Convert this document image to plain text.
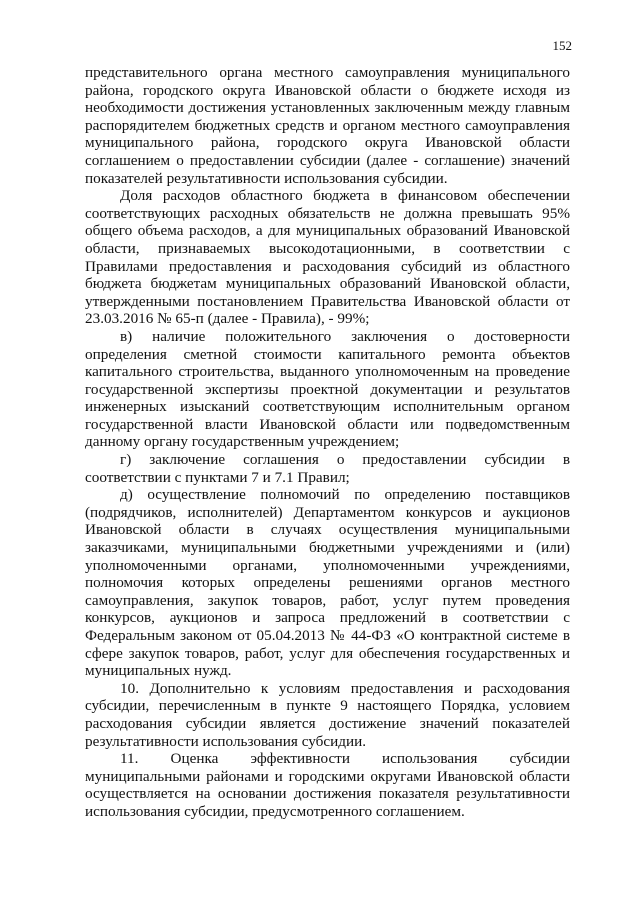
152

представительного органа местного самоуправления муниципального района, городского округа Ивановской области о бюджете исходя из необходимости достижения установленных заключенным между главным распорядителем бюджетных средств и органом местного самоуправления муниципального района, городского округа Ивановской области соглашением о предоставлении субсидии (далее - соглашение) значений показателей результативности использования субсидии.

Доля расходов областного бюджета в финансовом обеспечении соответствующих расходных обязательств не должна превышать 95% общего объема расходов, а для муниципальных образований Ивановской области, признаваемых высокодотационными, в соответствии с Правилами предоставления и расходования субсидий из областного бюджета бюджетам муниципальных образований Ивановской области, утвержденными постановлением Правительства Ивановской области от 23.03.2016 № 65-п (далее - Правила), - 99%;

в) наличие положительного заключения о достоверности определения сметной стоимости капитального ремонта объектов капитального строительства, выданного уполномоченным на проведение государственной экспертизы проектной документации и результатов инженерных изысканий соответствующим исполнительным органом государственной власти Ивановской области или подведомственным данному органу государственным учреждением;

г) заключение соглашения о предоставлении субсидии в соответствии с пунктами 7 и 7.1 Правил;

д) осуществление полномочий по определению поставщиков (подрядчиков, исполнителей) Департаментом конкурсов и аукционов Ивановской области в случаях осуществления муниципальными заказчиками, муниципальными бюджетными учреждениями и (или) уполномоченными органами, уполномоченными учреждениями, полномочия которых определены решениями органов местного самоуправления, закупок товаров, работ, услуг путем проведения конкурсов, аукционов и запроса предложений в соответствии с Федеральным законом от 05.04.2013 № 44-ФЗ «О контрактной системе в сфере закупок товаров, работ, услуг для обеспечения государственных и муниципальных нужд.

10. Дополнительно к условиям предоставления и расходования субсидии, перечисленным в пункте 9 настоящего Порядка, условием расходования субсидии является достижение значений показателей результативности использования субсидии.

11. Оценка эффективности использования субсидии муниципальными районами и городскими округами Ивановской области осуществляется на основании достижения показателя результативности использования субсидии, предусмотренного соглашением.
